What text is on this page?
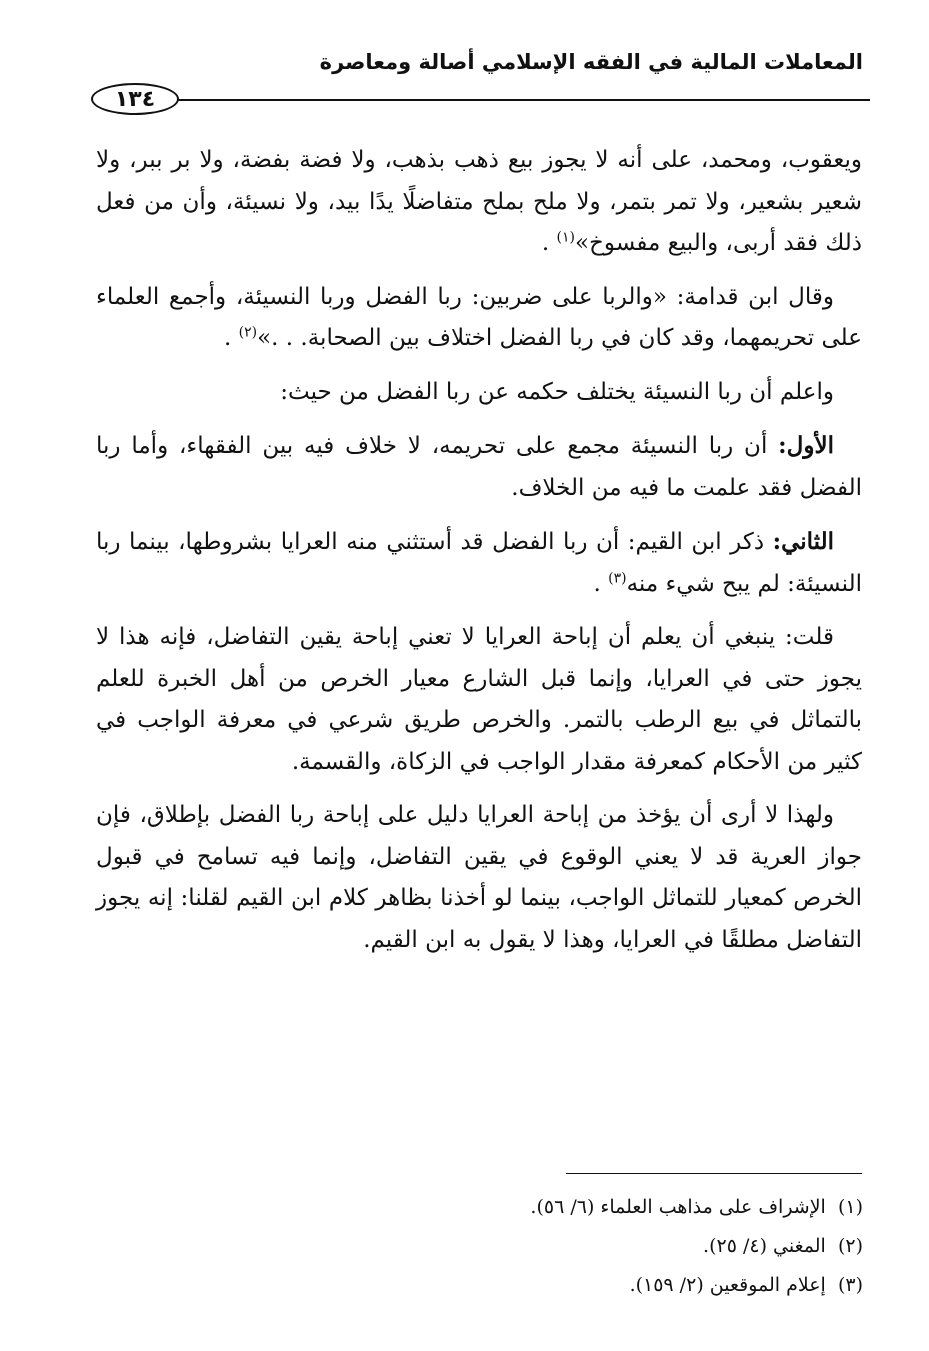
المعاملات المالية في الفقه الإسلامي أصالة ومعاصرة
١٣٤

ويعقوب، ومحمد، على أنه لا يجوز بيع ذهب بذهب، ولا فضة بفضة، ولا بر ببر، ولا شعير بشعير، ولا تمر بتمر، ولا ملح بملح متفاضلًا يدًا بيد، ولا نسيئة، وأن من فعل ذلك فقد أربى، والبيع مفسوخ»$^{(١)}$ .

وقال ابن قدامة: «والربا على ضربين: ربا الفضل وربا النسيئة، وأجمع العلماء على تحريمهما، وقد كان في ربا الفضل اختلاف بين الصحابة. . .»$^{(٢)}$ .

واعلم أن ربا النسيئة يختلف حكمه عن ربا الفضل من حيث:

الأول: أن ربا النسيئة مجمع على تحريمه، لا خلاف فيه بين الفقهاء، وأما ربا الفضل فقد علمت ما فيه من الخلاف.

الثاني: ذكر ابن القيم: أن ربا الفضل قد أستثني منه العرايا بشروطها، بينما ربا النسيئة: لم يبح شيء منه$^{(٣)}$ .

قلت: ينبغي أن يعلم أن إباحة العرايا لا تعني إباحة يقين التفاضل، فإنه هذا لا يجوز حتى في العرايا، وإنما قبل الشارع معيار الخرص من أهل الخبرة للعلم بالتماثل في بيع الرطب بالتمر. والخرص طريق شرعي في معرفة الواجب في كثير من الأحكام كمعرفة مقدار الواجب في الزكاة، والقسمة.

ولهذا لا أرى أن يؤخذ من إباحة العرايا دليل على إباحة ربا الفضل بإطلاق، فإن جواز العرية قد لا يعني الوقوع في يقين التفاضل، وإنما فيه تسامح في قبول الخرص كمعيار للتماثل الواجب، بينما لو أخذنا بظاهر كلام ابن القيم لقلنا: إنه يجوز التفاضل مطلقًا في العرايا، وهذا لا يقول به ابن القيم.

(١)  الإشراف على مذاهب العلماء (٦/ ٥٦).

(٢)  المغني (٤/ ٢٥).

(٣)  إعلام الموقعين (٢/ ١٥٩).
